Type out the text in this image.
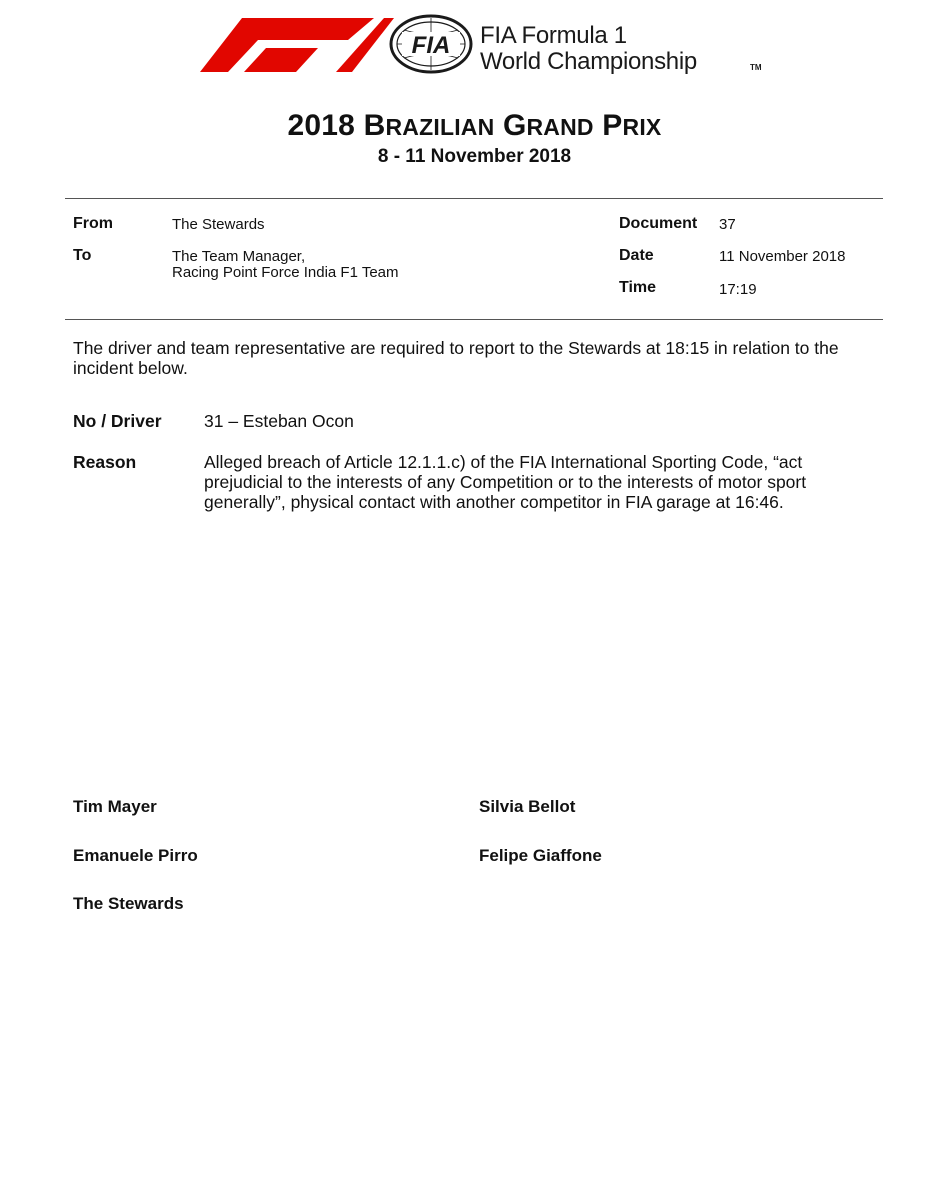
FIA FIA Formula 1
World Championship	TM
2018 BRAZILIAN GRAND PRIX
8 - 11 November 2018
From	The Stewards
To	The Team Manager,
Racing Point Force India F1 Team
Document 37
Date	11 November 2018
Time	17:19
The driver and team representative are required to report to the Stewards at 18:15 in relation to the
incident below.
No / Driver 31 – Esteban Ocon
Reason	Alleged breach of Article 12.1.1.c) of the FIA International Sporting Code, “act
prejudicial to the interests of any Competition or to the interests of motor sport
generally”, physical contact with another competitor in FIA garage at 16:46.
Tim Mayer	Silvia Bellot
Emanuele Pirro	Felipe Giaffone
The Stewards
